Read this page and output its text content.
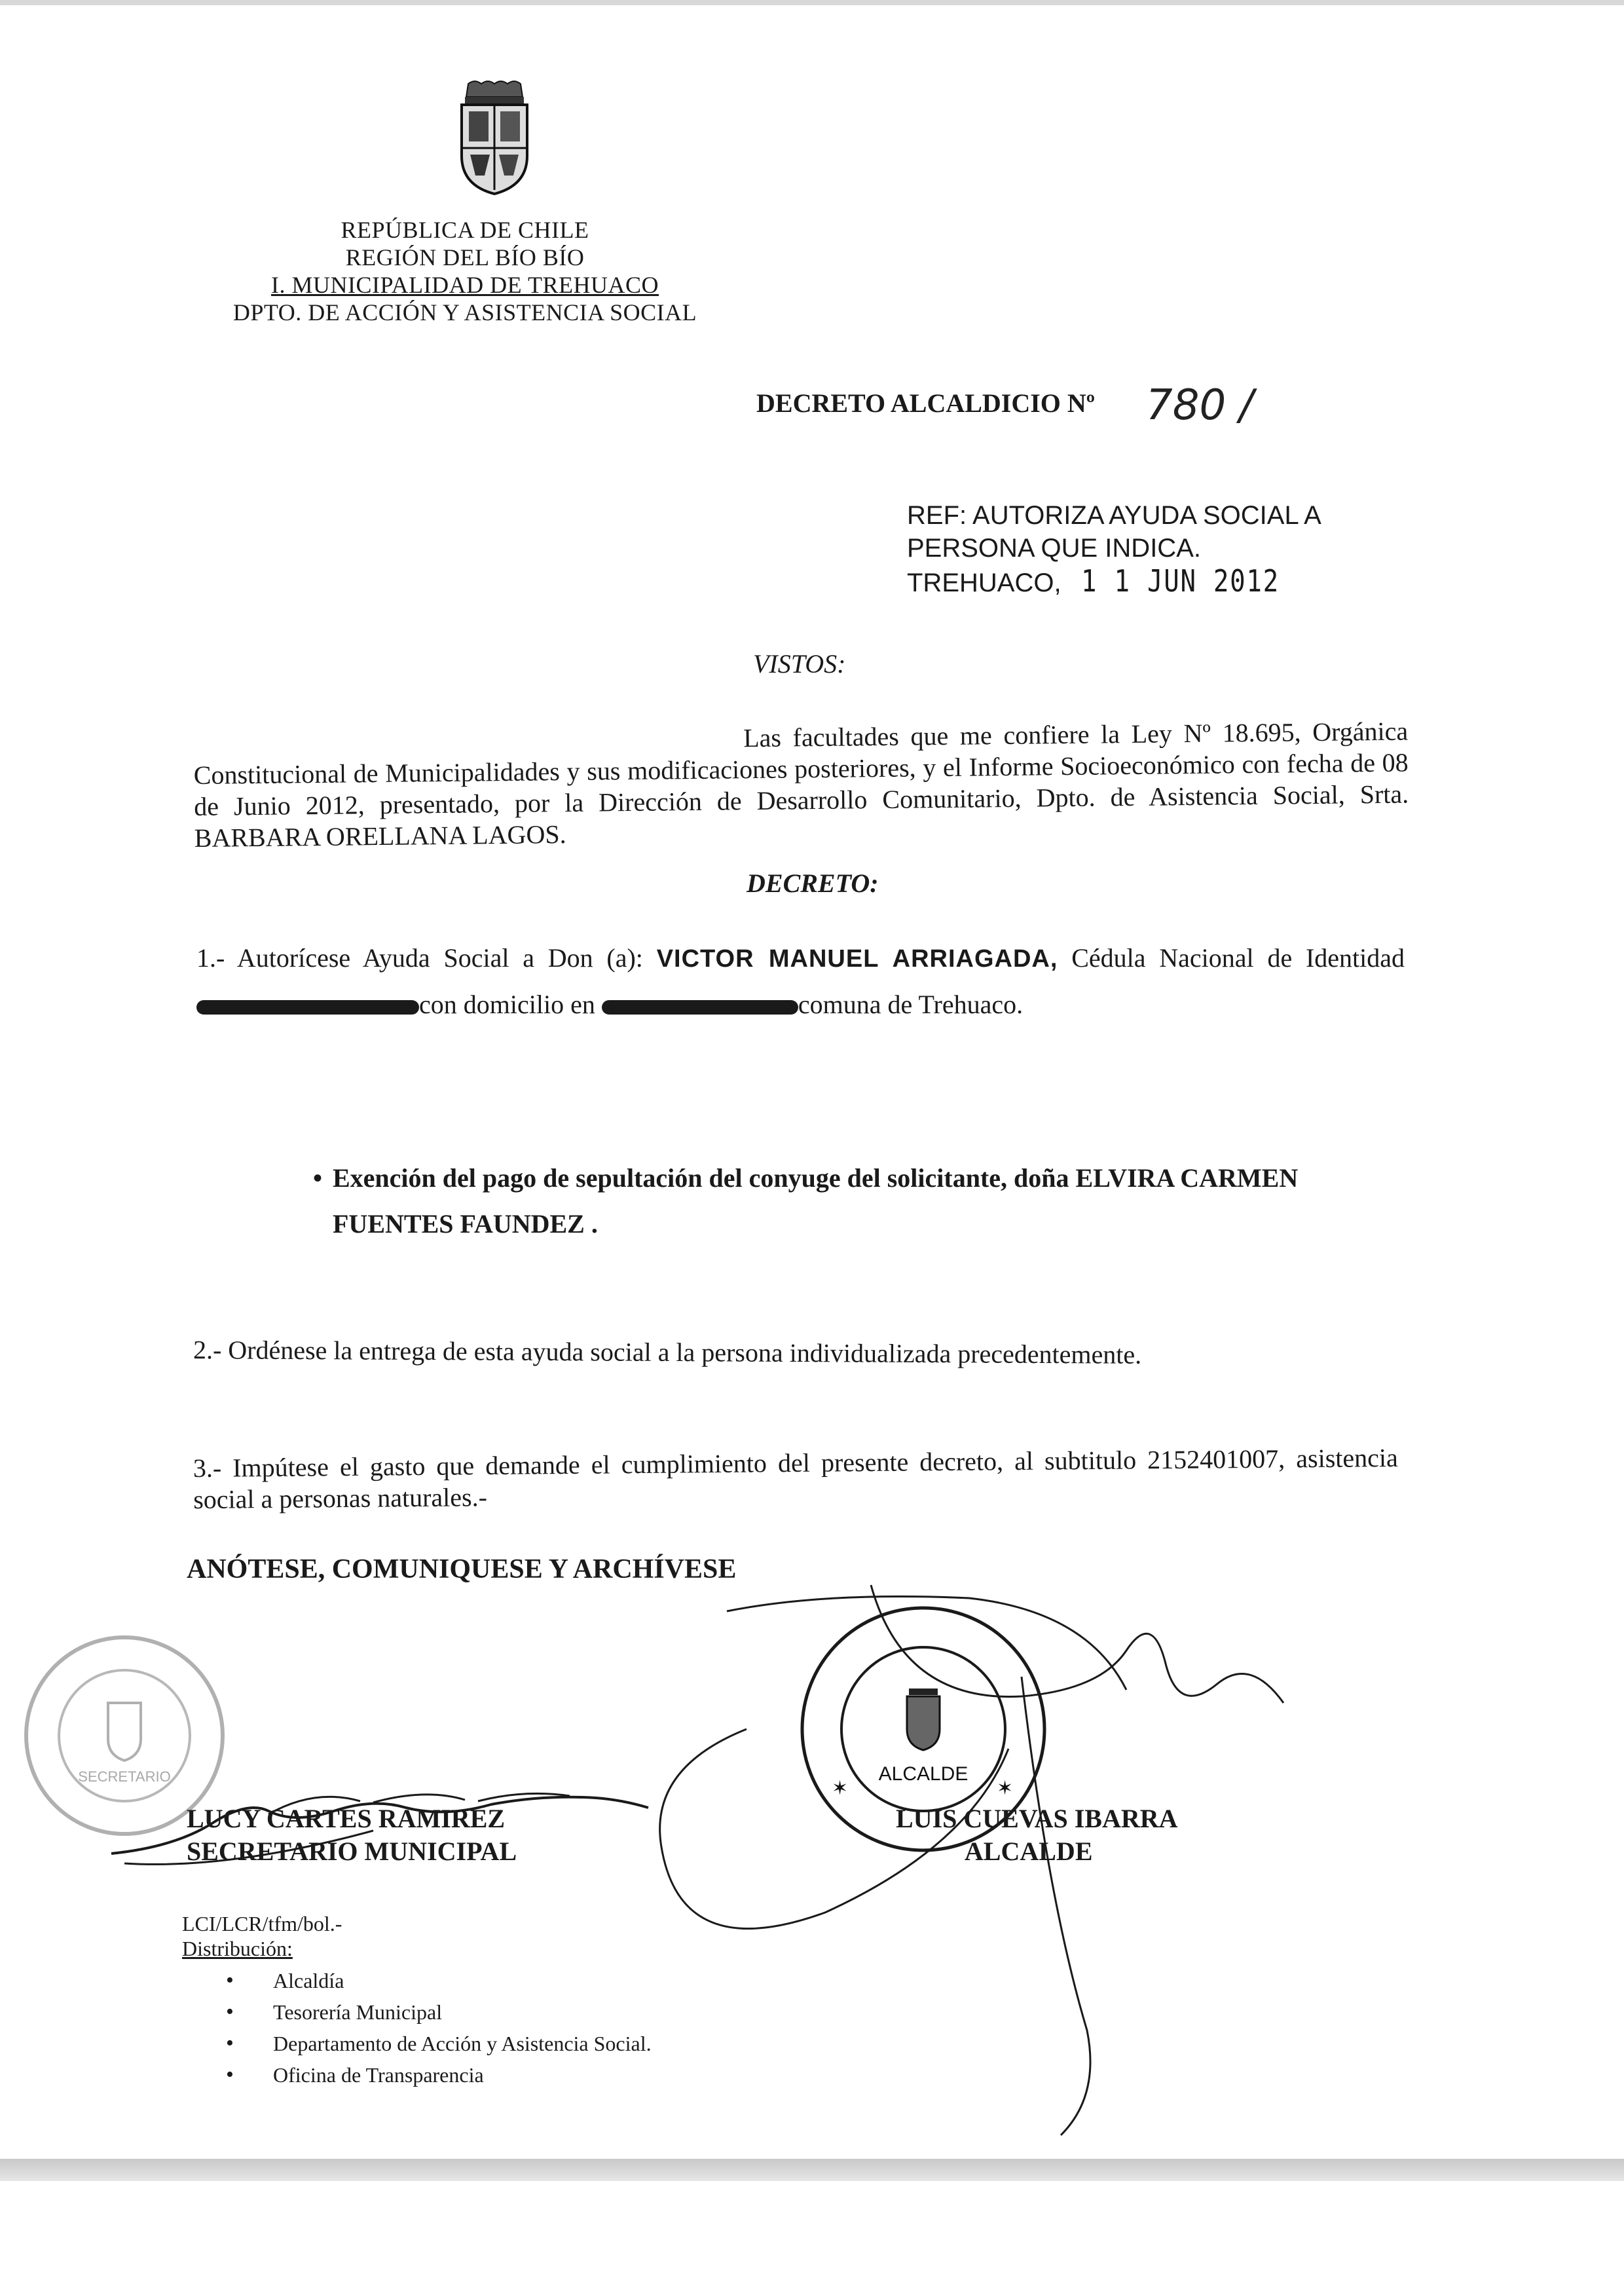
REPÚBLICA DE CHILE
REGIÓN DEL BÍO BÍO
I. MUNICIPALIDAD DE TREHUACO
DPTO. DE ACCIÓN Y ASISTENCIA SOCIAL
DECRETO ALCALDICIO Nº 780 /
REF: AUTORIZA AYUDA SOCIAL A
PERSONA QUE INDICA.
TREHUACO, 1 1 JUN 2012
VISTOS:
Las facultades que me confiere la Ley Nº 18.695, Orgánica Constitucional de Municipalidades y sus modificaciones posteriores, y el Informe Socioeconómico con fecha de 08 de Junio 2012, presentado, por la Dirección de Desarrollo Comunitario, Dpto. de Asistencia Social, Srta. BARBARA ORELLANA LAGOS.
DECRETO:
1.- Autorícese Ayuda Social a Don (a): VICTOR MANUEL ARRIAGADA, Cédula Nacional de Identidad con domicilio en	comuna de Trehuaco.
• Exención del pago de sepultación del conyuge del solicitante, doña ELVIRA CARMEN FUENTES FAUNDEZ .
2.- Ordénese la entrega de esta ayuda social a la persona individualizada precedentemente.
3.- Impútese el gasto que demande el cumplimiento del presente decreto, al subtitulo 2152401007, asistencia social a personas naturales.-
ANÓTESE, COMUNIQUESE Y ARCHÍVESE
SECRETARIO	ALCALDE
✶	✶
LUCY CARTES RAMIREZ
SECRETARIO MUNICIPAL
LUIS CUEVAS IBARRA
ALCALDE
LCI/LCR/tfm/bol.-
Distribución:
• Alcaldía
• Tesorería Municipal
• Departamento de Acción y Asistencia Social.
• Oficina de Transparencia
